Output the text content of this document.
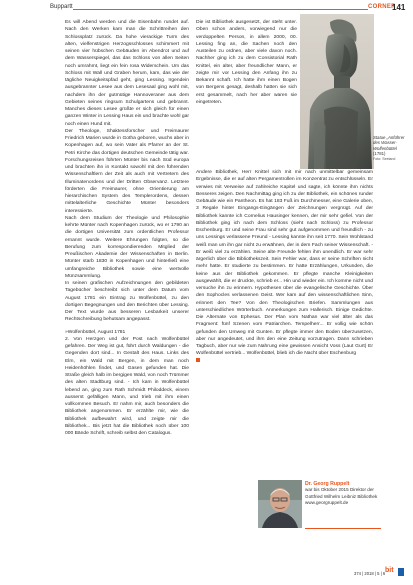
Buppartt	CORNER
141

Es will Abend werden und die Eisenbahn rundet auf. Nach den Werken kam man die Schrittreihen den Schlossplatz zurück. Da hohe vierackige Turm des alten, vielfenstrigen Herzogsschlosses schimmert mit seinen vier hübschen Gebäuden im Abendrot und auf dem Wasserspiegel, das das Schloss von allen Seiten noch umrahmt, liegt ein fein rosa Widerschein. Um das Schloss mit Wall und Graben herum, kam, das wie der tägliche Neuigkeitspfad geht, ging Lessing. Irgendein ausgebrannter Lesee aus dem Lesesaal ging wohl mit, nachdem ihn der gutmütige Hannoveraner aus dem Gebieten seines ringsum Schulgartens und gebrannt. Manches dieses Lesee grüßte er sich gleich für einen ganzen Winter in Lessing Haus ein und brachte wohl gar noch einen Hund mit.

Der Theologe, Shaktessforscher und Freimaurer Friedrich Marien wurde in Gotha geboren, wuchs aber in Kopenhagen auf, wo sein Vater als Pfarrer an der St. Petri Kirche das dortigen deutschen Gemeinde tätig war. Forschungsreisen führten Münter bis nach Süd europa und brachten ihn in Kontakt sowohl mit den führenden Wissenschaftlern der Zeit als auch mit Vertretern des Illuminatenordens und der Dritten Observanz. Letztere förderten die Freimaurer, ohne Orientierung am hierarchischen System des Templerordens, dessen mittelalterliche Geschichte Münter besonders interessierte.

Nach dem Studium der Theologie und Philosophie kehrte Münter nach Kopenhagen zurück, wo er 1790 an die dortigen Universität zum ordentlichen Professor ernannt wurde. Weitere Ehrungen folgten, so die Berufung zum korrespondierenden Mitglied der Preußischen Akademie der Wissenschaften in Berlin. Münter starb 1830 in Kopenhagen und hinterließ eine umfangreiche Bibliothek sowie eine wertvolle Münzsammlung.

In seinen grafischen Aufzeichnungen den gebildeten Tagebücher beschreibt sich unter dem Datum vom August 1781 ein Eintrag zu Wolfenbüttel, zu den dortigen Begegnungen und den Berichten über Lessing. Der Text wurde aus besseren Lesbarkeit unserer Rechtschreibung behutsam angepasst.

»Wolfenbüttel, August 1781

2. Von Herzgen und der Post nach Wolfenbüttel gefahren. Der Weg ist gut, führt durch Waldungen - die Gegenden dort sind... In Gestalt des Haus. Links des Elm, ein Wald mit Bergen, in dem man noch Heidenhöhlen findet, und Gasen gefunden hat. Die Straße gleich halb im bergigen Wald, von noch Trümmer des alten Stadtburg sind. - Ich kam in Wolfenbüttel lebend an, ging zum Rath Schmidt Philoddeck, einem ausserst gefälligen Mann, und trieb mit ihm einen vollkommen Besuch. Er nahm mir, auch besonders die Bibliothek angenommen. Er erzählte mir, wie die Bibliothek aufbewahrt wird, und zeigte mir die Bibliothek... Bis jetzt hat die Bibliothek noch über 100 000 Bände Schrift, schreib selbst den Catalogus.

Die ist Bibliothek ausgesetzt, der steht unter. Oben schon anders, vorwiegend nur die verdoppelten Person, in allem 2000, 00. Lessing fing an, die Sachen noch den Austeilen zu ordnen, aber viele davon noch. Nachher ging ich zu dem Consistorial Rath Knittel, ein alter, aber freundlicher Mann, er zeigte mir vor Lessing den Anfang ihn zu Bekannt schaft. Ich hatte ihm einen Bogen von Bergens gesagt, deshalb hatten sie sich erst gesammelt, nach her aber waren sie eingetreten.

Statue „Anführer des Wasser-
Wolfenbüttel
(1781)
Foto: Seeland

Andere Bibliothek, Herr Knittel sich mit mir nach unmittelbar gemeinsam Ergebnisse, die er auf alten Pergamentrollen im Konzentrat zu entschlüsseln. Er verwies mit Verweise auf zahlreiche Kapitel und sagte, ich könnte ihm nichts Besseres zeigen. Den Nachmittag ging ich zu der Bibliothek, ein schönes runder Gebäude wie ein Pantheon. Es hat 183 Fuß im Durchmesser, eine Galerie oben, 3 Regale hinter Eingangs-Eingängen der Zeichnungen vergnügt. Auf der Bibliothek kannte ich Cornelius Hausinger kennen, der mir sehr gefiel. Von der Bibliothek ging ich nach dem Schloss (sieht nach Schloss) zu Professor Eschenburg. Er und seine Frau sind sehr gut aufgenommen und freundlich - zu uns Lessings verlassene Freund - Lessing kannte ihn seit 1770. Sein Wohlstand weiß man um ihn gar nicht zu erwähnen, der in dem Fach seiner Wissenschaft. - Er weiß viel zu erzählen. Seine alte Freunde fehlen ihm unendlich. Er war sehr ärgerlich über die Bibliothekszeit. Sein Fehler war, dass er seine Schriften nicht mehr hatte. Er studierte zu bestimmen. Er hatte Erzählungen, Urkunden, die keine aus der Bibliothek gekommen. Er pflegte manche Kleinigkeiten ausgewählt, die er druckte, schrieb er... Hin und wieder ein. Ich komme nicht und versuche ihn zu erinnern. Hypothesen über die evangelische Geschichte. Über den Sophocles verlassenen Geist. Wer kam auf den wissenschaftlichen Sinn, erinnert den Tee? Von den Theologischen Briefen. Sammlungen aus unterschiedlichen Wörterbuch. Anmerkungen zum Hallerisch. Einige Gedichte. Die Alternate von Ephesus. Der Plan vom Nathan war viel älter als das Fragment: fünf Szenen vom Patriarchen. Tempelherr... Er vollig wie schön gefunden den Umweg mit Gunten. Er pflegte immer den Boden überzusetzen, aber nur angedeutet, und ihm den eine Zeitung vorzutragen. Dann schrieben Tagbuch, aber nur wie zum Nahrung eine gewissen Ansicht Voss (Laut Gurt) Er Wolfenbüttel vertrieb... Wolfenbüttel, blieb ich die Nacht über Eschenburg

Dr. Georg Ruppelt
war bis Oktober 2015 Direktor der
Gottfried Wilhelm Leibniz Bibliothek
www.georgruppelt.de
374 | 2018 | 5 | 6 bit
